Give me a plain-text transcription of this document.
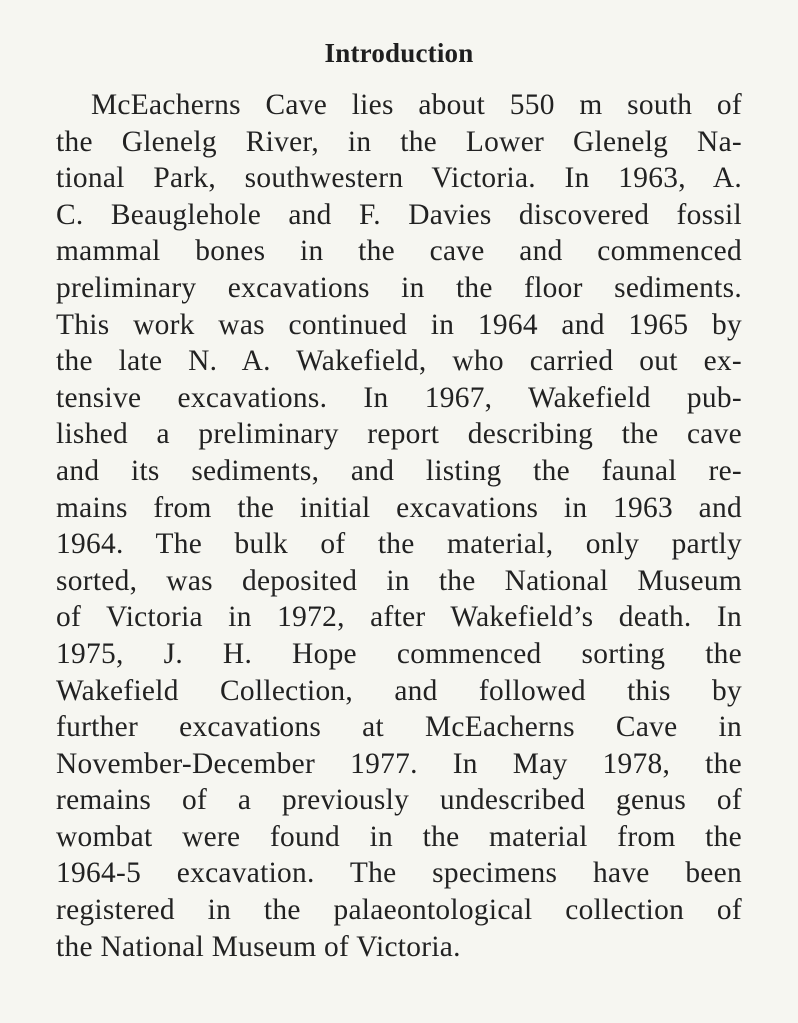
Introduction
McEacherns Cave lies about 550 m south of
the Glenelg River, in the Lower Glenelg Na-
tional Park, southwestern Victoria. In 1963, A.
C. Beauglehole and F. Davies discovered fossil
mammal bones in the cave and commenced
preliminary excavations in the floor sediments.
This work was continued in 1964 and 1965 by
the late N. A. Wakefield, who carried out ex-
tensive excavations. In 1967, Wakefield pub-
lished a preliminary report describing the cave
and its sediments, and listing the faunal re-
mains from the initial excavations in 1963 and
1964. The bulk of the material, only partly
sorted, was deposited in the National Museum
of Victoria in 1972, after Wakefield’s death. In
1975, J. H. Hope commenced sorting the
Wakefield Collection, and followed this by
further excavations at McEacherns Cave in
November-December 1977. In May 1978, the
remains of a previously undescribed genus of
wombat were found in the material from the
1964-5 excavation. The specimens have been
registered in the palaeontological collection of
the National Museum of Victoria.
